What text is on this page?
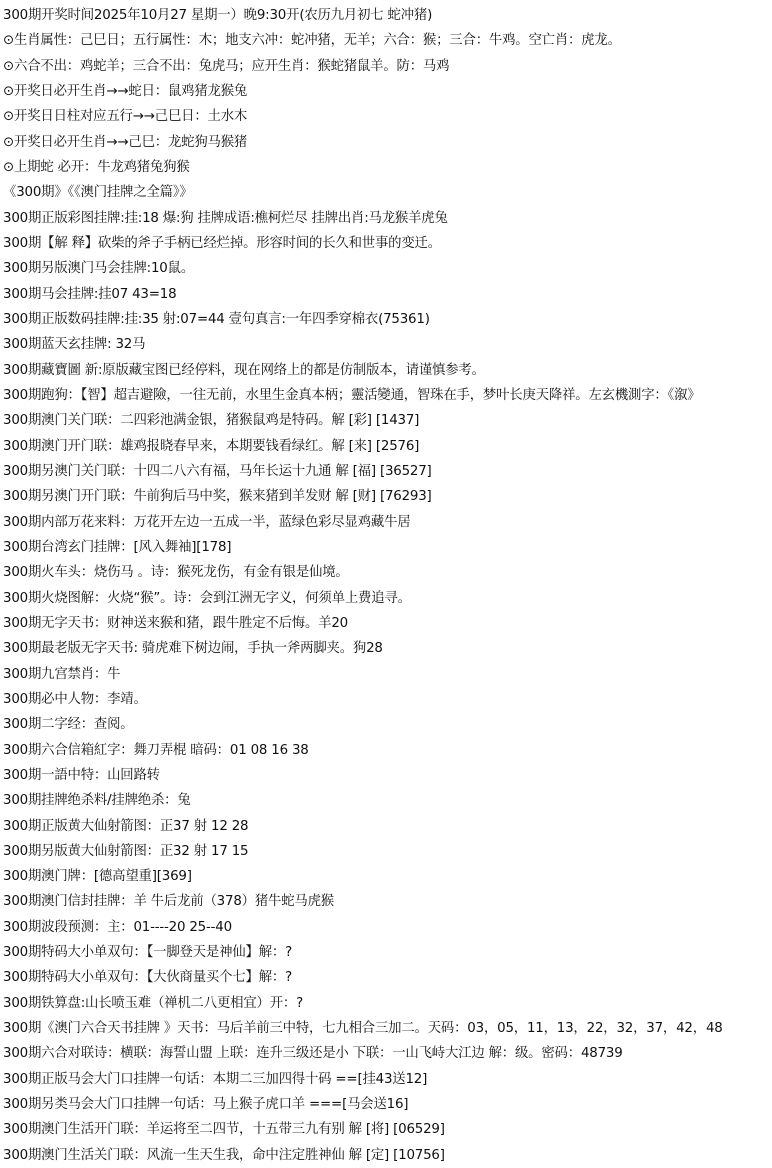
300期开奖时间2025年10月27 星期一）晚9:30开(农历九月初七 蛇冲猪)
⊙生肖属性：己巳日；五行属性：木；地支六冲：蛇冲猪，无羊；六合：猴；三合：牛鸡。空亡肖：虎龙。
⊙六合不出：鸡蛇羊；三合不出：兔虎马；应开生肖：猴蛇猪鼠羊。防：马鸡
⊙开奖日必开生肖→→蛇日：鼠鸡猪龙猴兔
⊙开奖日日柱对应五行→→己巳日：土水木
⊙开奖日必开生肖→→己巳：龙蛇狗马猴猪
⊙上期蛇 必开：牛龙鸡猪兔狗猴
《300期》《《澳门挂牌之全篇》》
300期正版彩图挂牌:挂:18 爆:狗 挂牌成语:樵柯烂尽 挂牌出肖:马龙猴羊虎兔
300期【解 释】砍柴的斧子手柄已经烂掉。形容时间的长久和世事的变迁。
300期另版澳门马会挂牌:10鼠。
300期马会挂牌:挂07 43=18
300期正版数码挂牌:挂:35 射:07=44 壹句真言:一年四季穿棉衣(75361)
300期蓝天玄挂牌: 32马
300期藏寶圖 新:原版藏宝图已经停料，现在网络上的都是仿制版本，请谨慎参考。
300期跑狗：【智】超吉避險，一往无前，水里生金真本柄；靈活變通，智珠在手，梦叶长庚天降祥。左玄機測字：《溆》
300期澳门关门联：二四彩池满金银，猪猴鼠鸡是特码。解 [彩] [1437]
300期澳门开门联：雄鸡报晓春早来，本期要钱看绿红。解 [来] [2576]
300期另澳门关门联：十四二八六有福，马年长运十九通 解 [福] [36527]
300期另澳门开门联：牛前狗后马中奖，猴来猪到羊发财 解 [财] [76293]
300期内部万花来料：万花开左边一五成一半，蓝绿色彩尽显鸡藏牛居
300期台湾玄门挂牌：[风入舞袖][178]
300期火车头：烧伤马 。诗：猴死龙伤，有金有银是仙境。
300期火烧图解：火烧“猴”。诗：会到江洲无字义，何须单上费追寻。
300期无字天书：财神送来猴和猪，跟牛胜定不后悔。羊20
300期最老版无字天书: 骑虎难下树边闹，手执一斧两脚夹。狗28
300期九宫禁肖：牛
300期必中人物：李靖。
300期二字经：查阅。
300期六合信箱紅字：舞刀弄棍 暗码：01 08 16 38
300期一語中特：山回路转
300期挂牌绝杀料/挂牌绝杀：兔
300期正版黄大仙射箭图：正37 射 12 28
300期另版黄大仙射箭图：正32 射 17 15
300期澳门牌：[德高望重][369]
300期澳门信封挂牌：羊 牛后龙前（378）猪牛蛇马虎猴
300期波段预测：主：01----20 25--40
300期特码大小单双句：【一脚登天是神仙】解：?
300期特码大小单双句：【大伙商量买个七】解：?
300期铁算盘:山长喷玉难（禅机二八更相宜）开：?
300期《澳门六合天书挂牌 》天书：马后羊前三中特，七九相合三加二。天码：03，05，11，13，22，32，37，42，48
300期六合对联诗：横联：海誓山盟 上联：连升三级还是小 下联：一山飞峙大江边 解：级。密码：48739
300期正版马会大门口挂牌一句话：本期二三加四得十码 ==[挂43送12]
300期另类马会大门口挂牌一句话：马上猴子虎口羊 ===[马会送16]
300期澳门生活开门联：羊运将至二四节，十五带三九有别 解 [将] [06529]
300期澳门生活关门联：风流一生天生我，命中注定胜神仙 解 [定] [10756]
